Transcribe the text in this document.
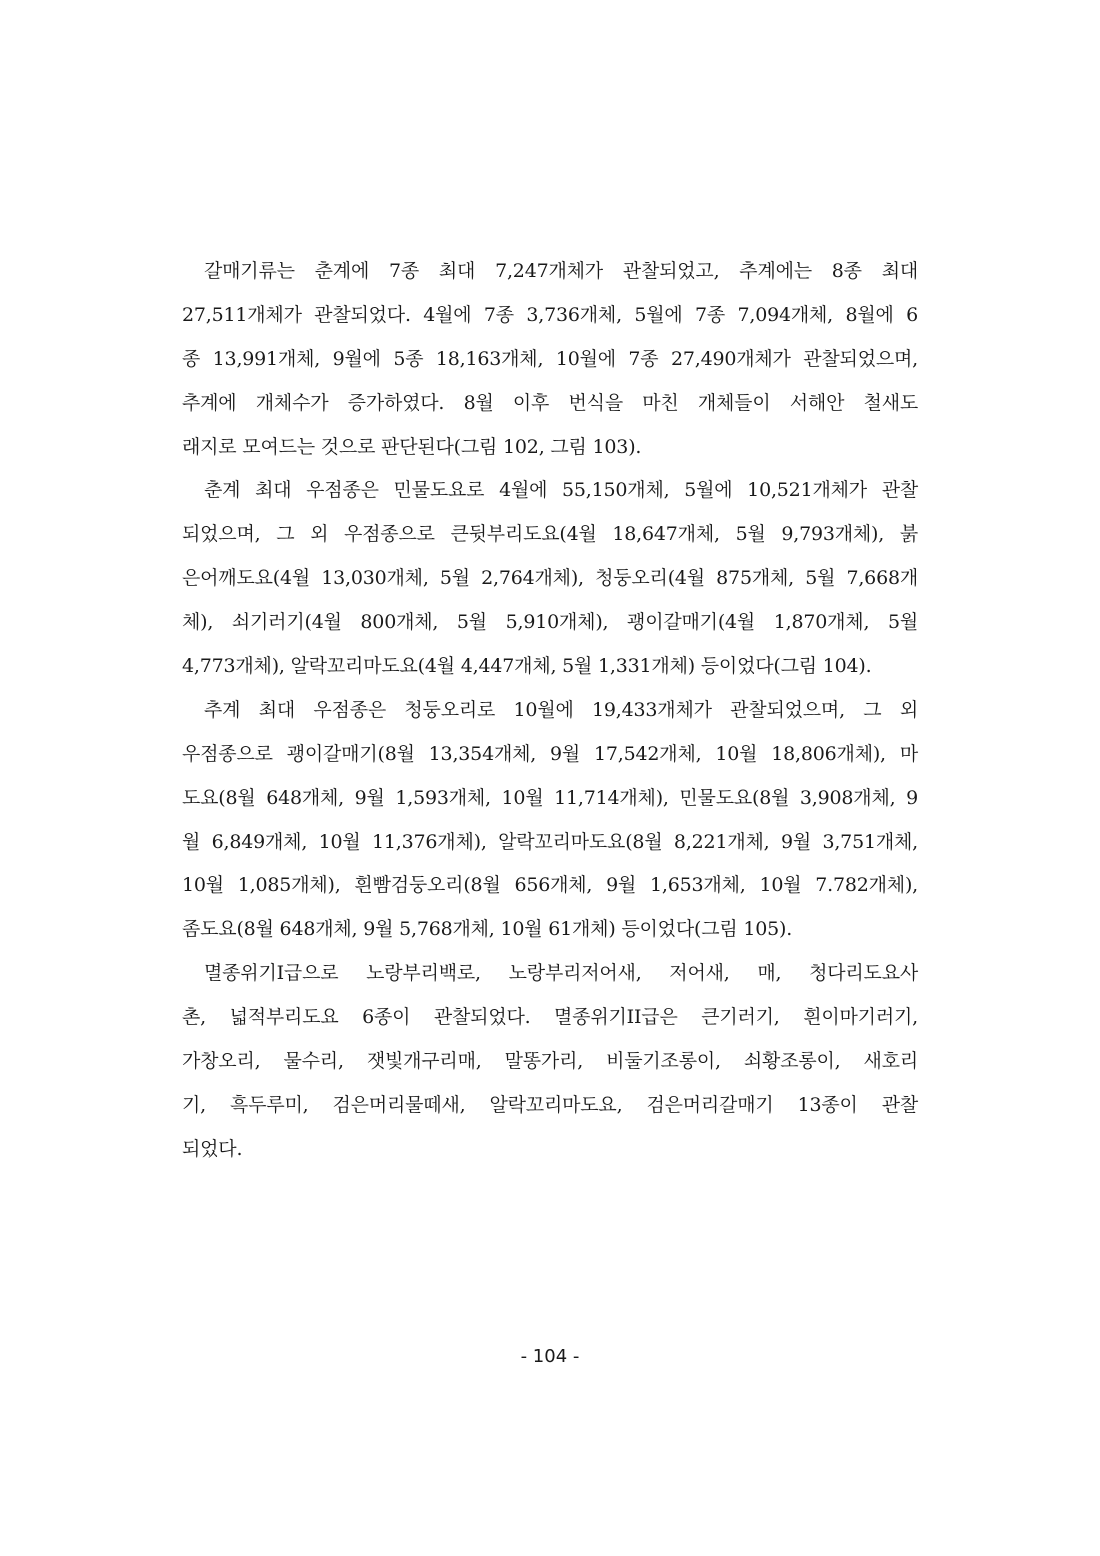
갈매기류는 춘계에 7종 최대 7,247개체가 관찰되었고, 추계에는 8종 최대
27,511개체가 관찰되었다. 4월에 7종 3,736개체, 5월에 7종 7,094개체, 8월에 6
종 13,991개체, 9월에 5종 18,163개체, 10월에 7종 27,490개체가 관찰되었으며,
추계에 개체수가 증가하였다. 8월 이후 번식을 마친 개체들이 서해안 철새도
래지로 모여드는 것으로 판단된다(그림 102, 그림 103).

춘계 최대 우점종은 민물도요로 4월에 55,150개체, 5월에 10,521개체가 관찰
되었으며, 그 외 우점종으로 큰뒷부리도요(4월 18,647개체, 5월 9,793개체), 붉
은어깨도요(4월 13,030개체, 5월 2,764개체), 청둥오리(4월 875개체, 5월 7,668개
체), 쇠기러기(4월 800개체, 5월 5,910개체), 괭이갈매기(4월 1,870개체, 5월
4,773개체), 알락꼬리마도요(4월 4,447개체, 5월 1,331개체) 등이었다(그림 104).

추계 최대 우점종은 청둥오리로 10월에 19,433개체가 관찰되었으며, 그 외
우점종으로 괭이갈매기(8월 13,354개체, 9월 17,542개체, 10월 18,806개체), 마
도요(8월 648개체, 9월 1,593개체, 10월 11,714개체), 민물도요(8월 3,908개체, 9
월 6,849개체, 10월 11,376개체), 알락꼬리마도요(8월 8,221개체, 9월 3,751개체,
10월 1,085개체), 흰빰검둥오리(8월 656개체, 9월 1,653개체, 10월 7.782개체),
좀도요(8월 648개체, 9월 5,768개체, 10월 61개체) 등이었다(그림 105).

멸종위기I급으로 노랑부리백로, 노랑부리저어새, 저어새, 매, 청다리도요사
촌, 넓적부리도요 6종이 관찰되었다. 멸종위기II급은 큰기러기, 흰이마기러기,
가창오리, 물수리, 잿빛개구리매, 말똥가리, 비둘기조롱이, 쇠황조롱이, 새호리
기, 흑두루미, 검은머리물떼새, 알락꼬리마도요, 검은머리갈매기 13종이 관찰
되었다.

- 104 -
